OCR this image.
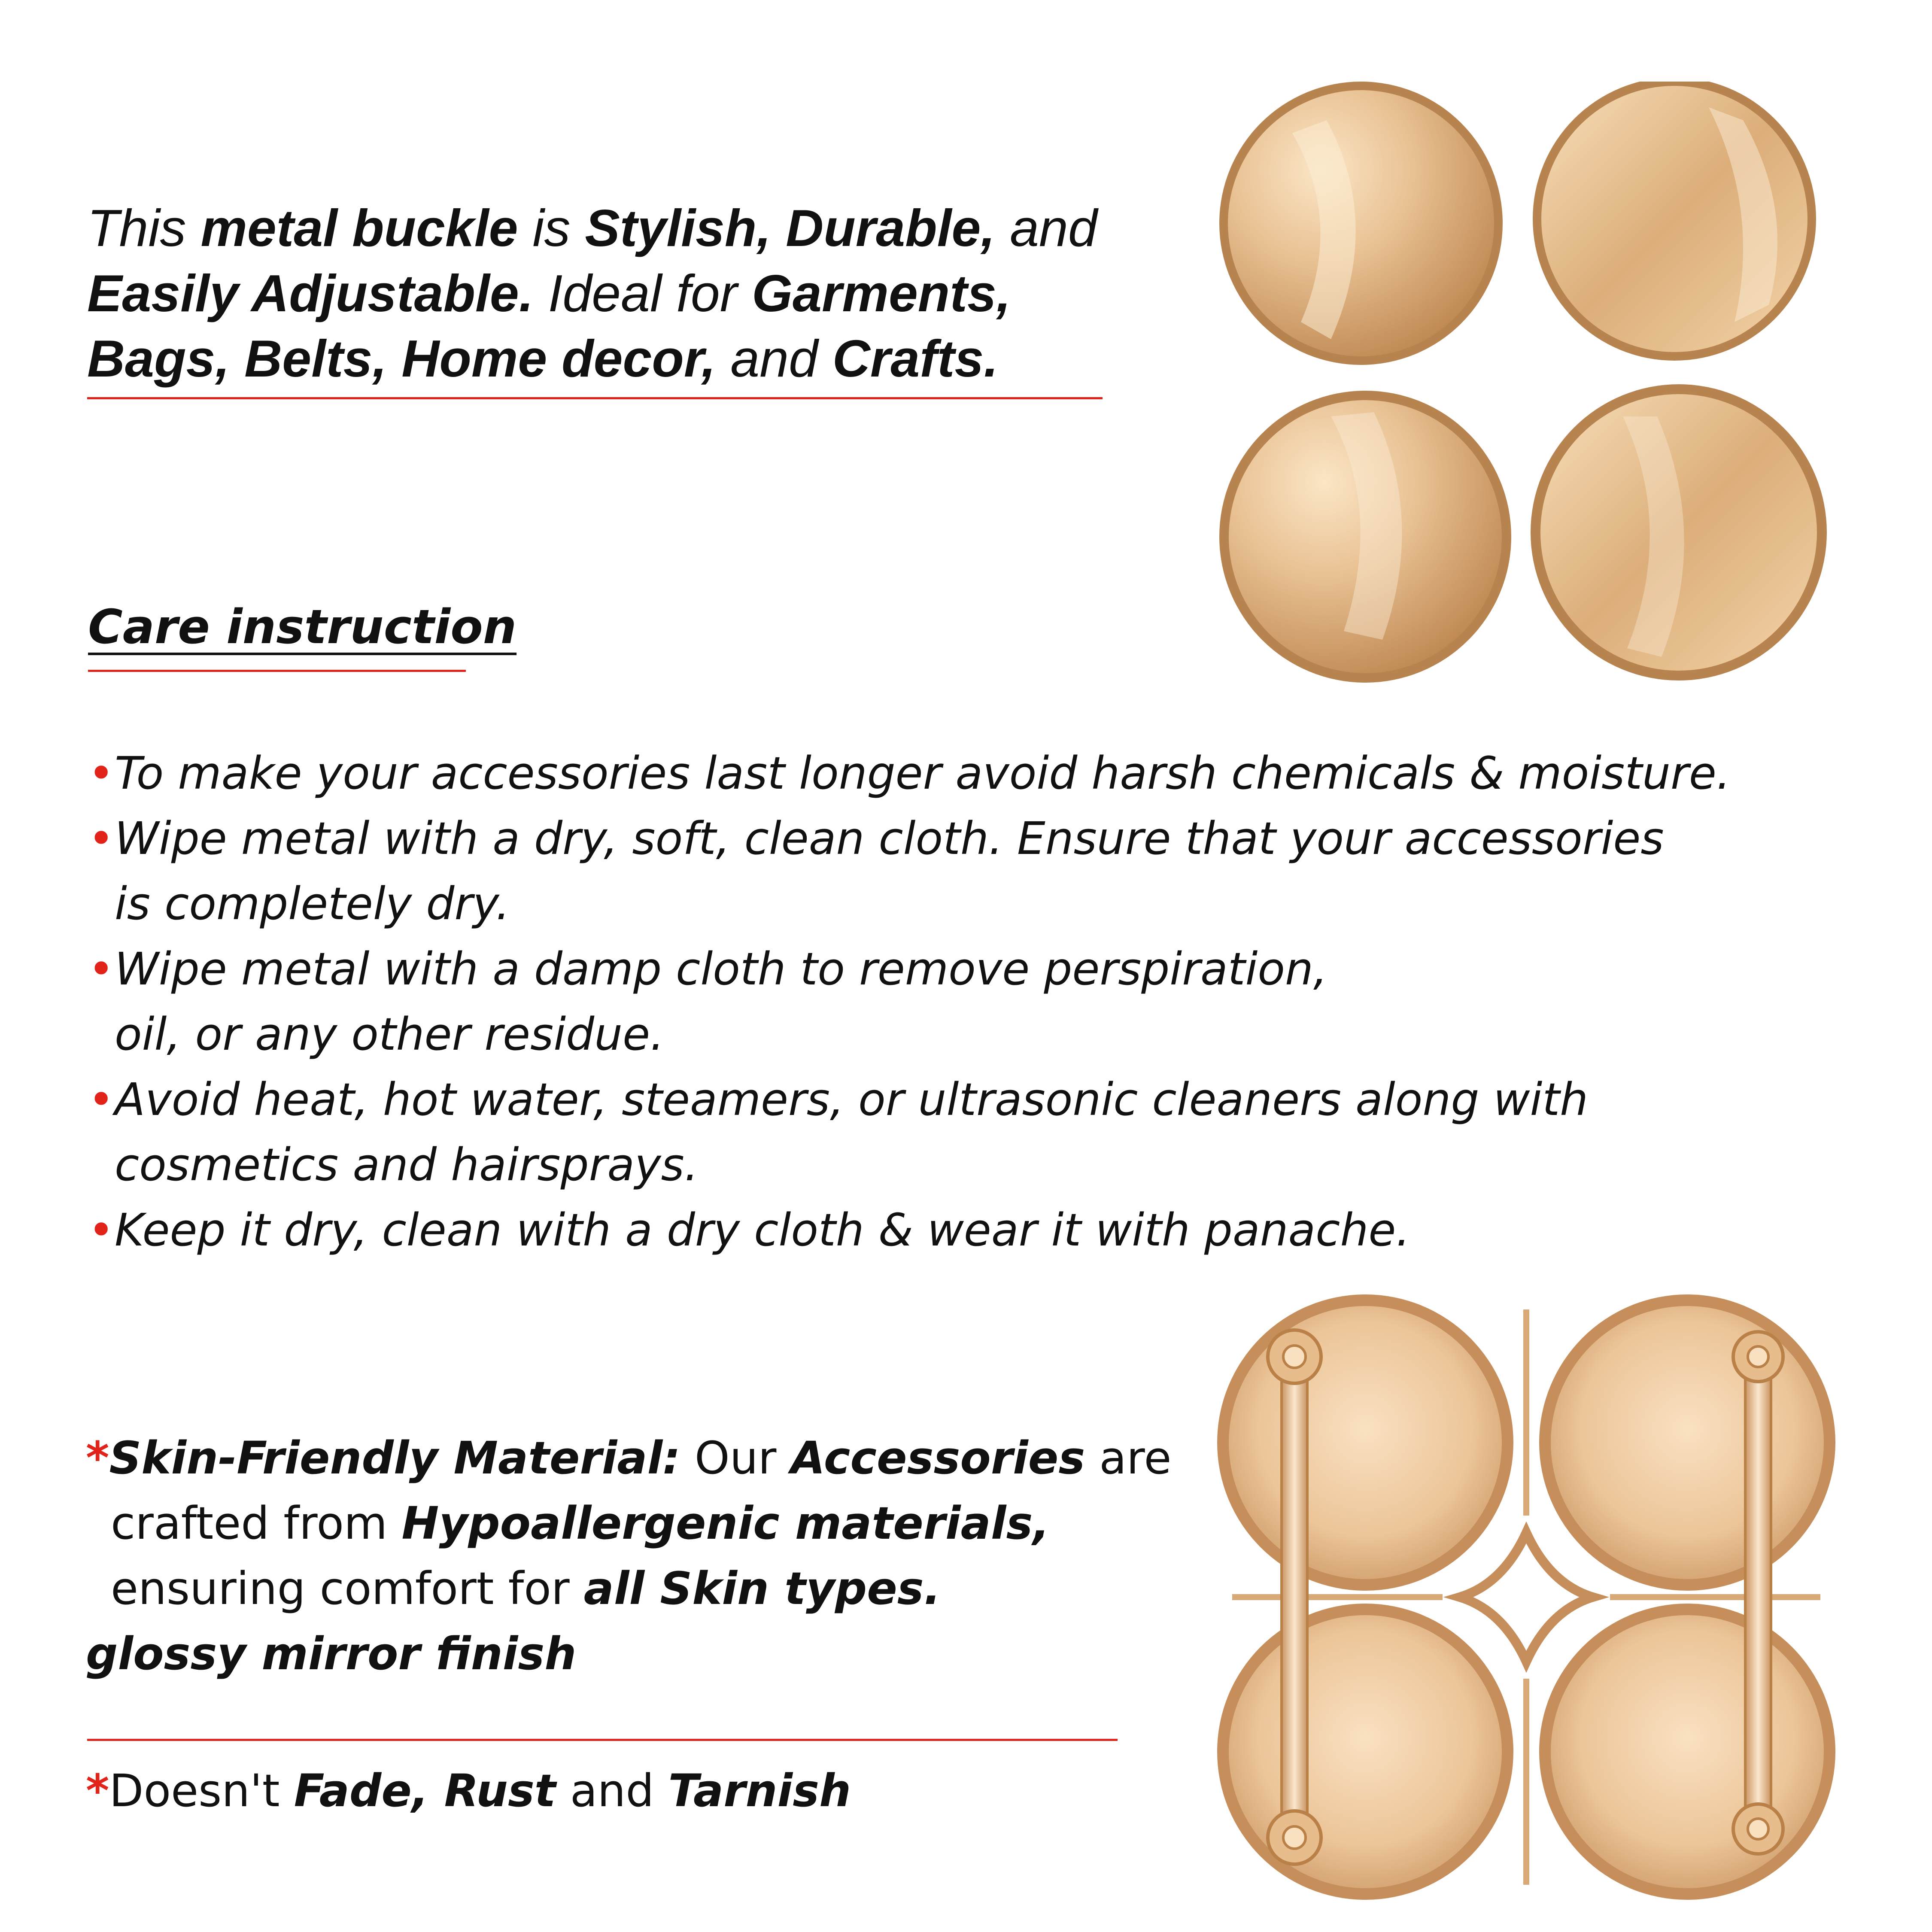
This metal buckle is Stylish, Durable, and
Easily Adjustable. Ideal for Garments, Bags, Belts, Home decor, and Crafts.
Care instruction
• To make your accessories last longer avoid harsh chemicals & moisture.
• Wipe metal with a dry, soft, clean cloth. Ensure that your accessories is completely dry.
• Wipe metal with a damp cloth to remove perspiration, oil, or any other residue.
• Avoid heat, hot water, steamers, or ultrasonic cleaners along with cosmetics and hairsprays.
• Keep it dry, clean with a dry cloth & wear it with panache.
*Skin-Friendly Material: Our Accessories are
crafted from Hypoallergenic materials,
ensuring comfort for all Skin types.
glossy mirror finish
*Doesn't Fade, Rust and Tarnish
